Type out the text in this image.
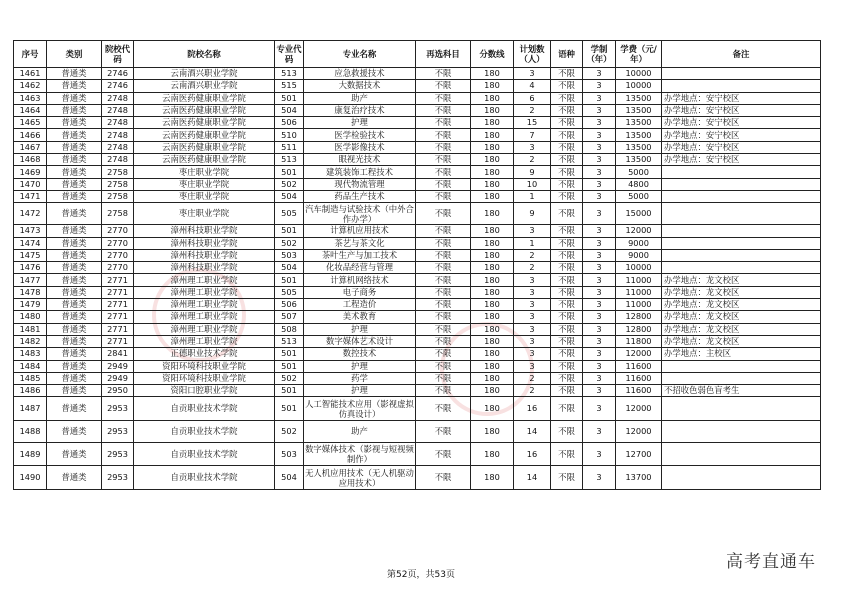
序号	类别	院校代码	院校名称	专业代码	专业名称	再选科目	分数线	计划数（人）	语种	学制（年）	学费（元/年）	备注
1461	普通类	2746	云南酒兴职业学院	513	应急救援技术	不限	180	3	不限	3	10000	
1462	普通类	2746	云南酒兴职业学院	515	大数据技术	不限	180	4	不限	3	10000	
1463	普通类	2748	云南医药健康职业学院	501	助产	不限	180	6	不限	3	13500	办学地点：安宁校区
1464	普通类	2748	云南医药健康职业学院	504	康复治疗技术	不限	180	2	不限	3	13500	办学地点：安宁校区
1465	普通类	2748	云南医药健康职业学院	506	护理	不限	180	15	不限	3	13500	办学地点：安宁校区
1466	普通类	2748	云南医药健康职业学院	510	医学检验技术	不限	180	7	不限	3	13500	办学地点：安宁校区
1467	普通类	2748	云南医药健康职业学院	511	医学影像技术	不限	180	3	不限	3	13500	办学地点：安宁校区
1468	普通类	2748	云南医药健康职业学院	513	眼视光技术	不限	180	2	不限	3	13500	办学地点：安宁校区
1469	普通类	2758	枣庄职业学院	501	建筑装饰工程技术	不限	180	9	不限	3	5000	
1470	普通类	2758	枣庄职业学院	502	现代物流管理	不限	180	10	不限	3	4800	
1471	普通类	2758	枣庄职业学院	504	药品生产技术	不限	180	1	不限	3	5000	
1472	普通类	2758	枣庄职业学院	505	汽车制造与试验技术（中外合作办学）	不限	180	9	不限	3	15000	
1473	普通类	2770	漳州科技职业学院	501	计算机应用技术	不限	180	3	不限	3	12000	
1474	普通类	2770	漳州科技职业学院	502	茶艺与茶文化	不限	180	1	不限	3	9000	
1475	普通类	2770	漳州科技职业学院	503	茶叶生产与加工技术	不限	180	2	不限	3	9000	
1476	普通类	2770	漳州科技职业学院	504	化妆品经营与管理	不限	180	2	不限	3	10000	
1477	普通类	2771	漳州理工职业学院	501	计算机网络技术	不限	180	3	不限	3	11000	办学地点：龙文校区
1478	普通类	2771	漳州理工职业学院	505	电子商务	不限	180	3	不限	3	11000	办学地点：龙文校区
1479	普通类	2771	漳州理工职业学院	506	工程造价	不限	180	3	不限	3	11000	办学地点：龙文校区
1480	普通类	2771	漳州理工职业学院	507	美术教育	不限	180	3	不限	3	12800	办学地点：龙文校区
1481	普通类	2771	漳州理工职业学院	508	护理	不限	180	3	不限	3	12800	办学地点：龙文校区
1482	普通类	2771	漳州理工职业学院	513	数字媒体艺术设计	不限	180	3	不限	3	11800	办学地点：龙文校区
1483	普通类	2841	正德职业技术学院	501	数控技术	不限	180	3	不限	3	12000	办学地点：主校区
1484	普通类	2949	资阳环境科技职业学院	501	护理	不限	180	3	不限	3	11600	
1485	普通类	2949	资阳环境科技职业学院	502	药学	不限	180	2	不限	3	11600	
1486	普通类	2950	资阳口腔职业学院	501	护理	不限	180	2	不限	3	11600	不招收色弱色盲考生
1487	普通类	2953	自贡职业技术学院	501	人工智能技术应用（影视虚拟仿真设计）	不限	180	16	不限	3	12000	
1488	普通类	2953	自贡职业技术学院	502	助产	不限	180	14	不限	3	12000	
1489	普通类	2953	自贡职业技术学院	503	数字媒体技术（影视与短视频制作）	不限	180	16	不限	3	12700	
1490	普通类	2953	自贡职业技术学院	504	无人机应用技术（无人机驱动应用技术）	不限	180	14	不限	3	13700	
第52页，共53页
高考直通车
